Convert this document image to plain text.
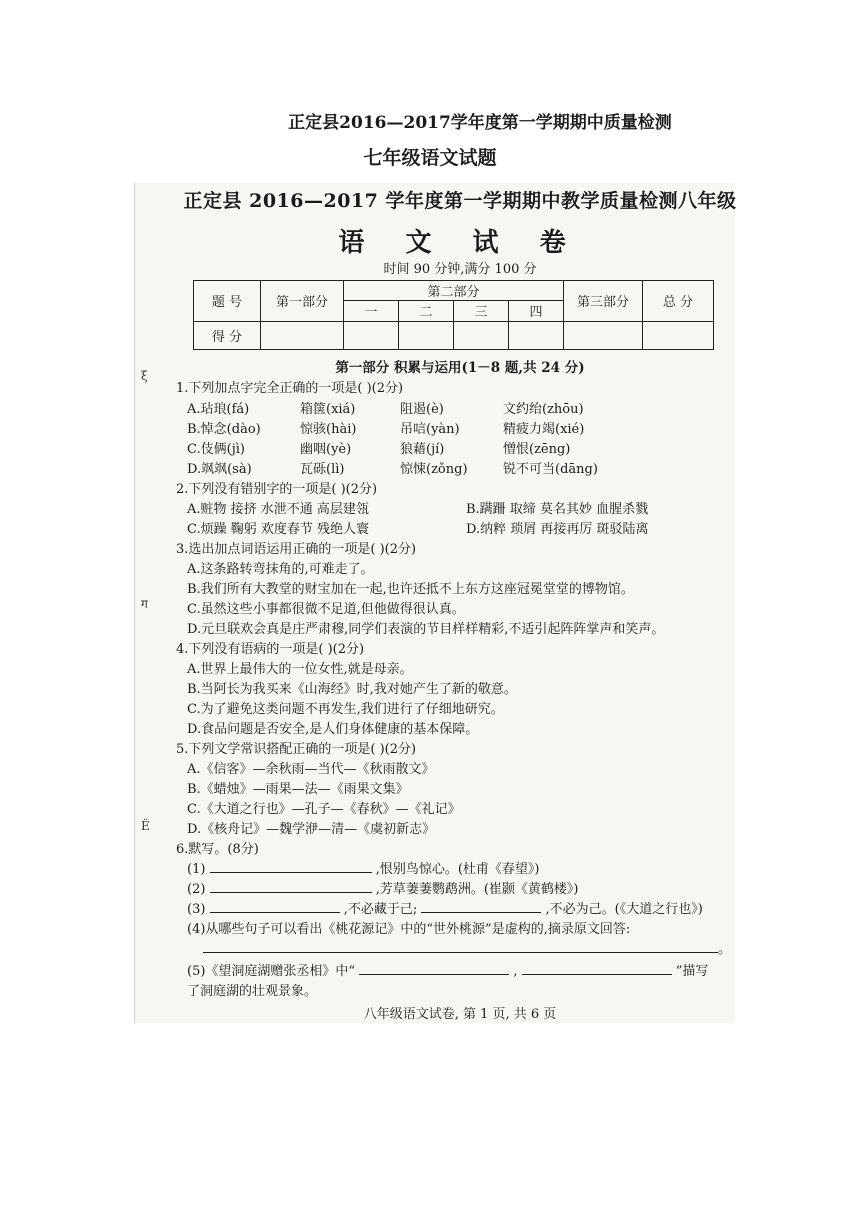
正定县2016—2017学年度第一学期期中质量检测
七年级语文试题
ξ
ग
Ё
正定县 2016—2017 学年度第一学期期中教学质量检测八年级
语 文 试 卷
时间 90 分钟,满分 100 分
题 号	第一部分	第二部分				第三部分	总 分
		一	二	三	四		
得 分							
第一部分 积累与运用(1－8 题,共 24 分)
1.下列加点字完全正确的一项是( )(2分)
A.玷琅(fá)	箱箧(xiá)	阻遏(è)	文约绐(zhōu)
B.悼念(dào)	惊骇(hài)	吊唁(yàn)	精疲力竭(xié)
C.伎俩(jì)	幽咽(yè)	狼藉(jí)	憎恨(zēng)
D.飒飒(sà)	瓦砾(lì)	惊悚(zǒng)	锐不可当(dāng)
2.下列没有错别字的一项是( )(2分)
A.赃物 接挤 水泄不通 高层建瓴	B.蹒跚 取缔 莫名其妙 血腥杀戮
C.烦躁 鞠躬 欢度春节 残绝人寰	D.纳粹 琐屑 再接再厉 斑驳陆离
3.选出加点词语运用正确的一项是( )(2分)
A.这条路转弯抹角的,可难走了。
B.我们所有大教堂的财宝加在一起,也许还抵不上东方这座冠冕堂堂的博物馆。
C.虽然这些小事都很微不足道,但他做得很认真。
D.元旦联欢会真是庄严肃穆,同学们表演的节目样样精彩,不适引起阵阵掌声和笑声。
4.下列没有语病的一项是( )(2分)
A.世界上最伟大的一位女性,就是母亲。
B.当阿长为我买来《山海经》时,我对她产生了新的敬意。
C.为了避免这类问题不再发生,我们进行了仔细地研究。
D.食品问题是否安全,是人们身体健康的基本保障。
5.下列文学常识搭配正确的一项是( )(2分)
A.《信客》—余秋雨—当代—《秋雨散文》
B.《蜡烛》—雨果—法—《雨果文集》
C.《大道之行也》—孔子—《春秋》—《礼记》
D.《核舟记》—魏学洢—清—《虞初新志》
6.默写。(8分)
(1)	,恨别鸟惊心。(杜甫《春望》)
(2)	,芳草萋萋鹦鹉洲。(崔颢《黄鹤楼》)
(3)	,不必藏于己;	,不必为己。(《大道之行也》)
(4)从哪些句子可以看出《桃花源记》中的“世外桃源”是虚构的,摘录原文回答:
。
(5)《望洞庭湖赠张丞相》中“	,	”描写
了洞庭湖的壮观景象。
八年级语文试卷, 第 1 页, 共 6 页
